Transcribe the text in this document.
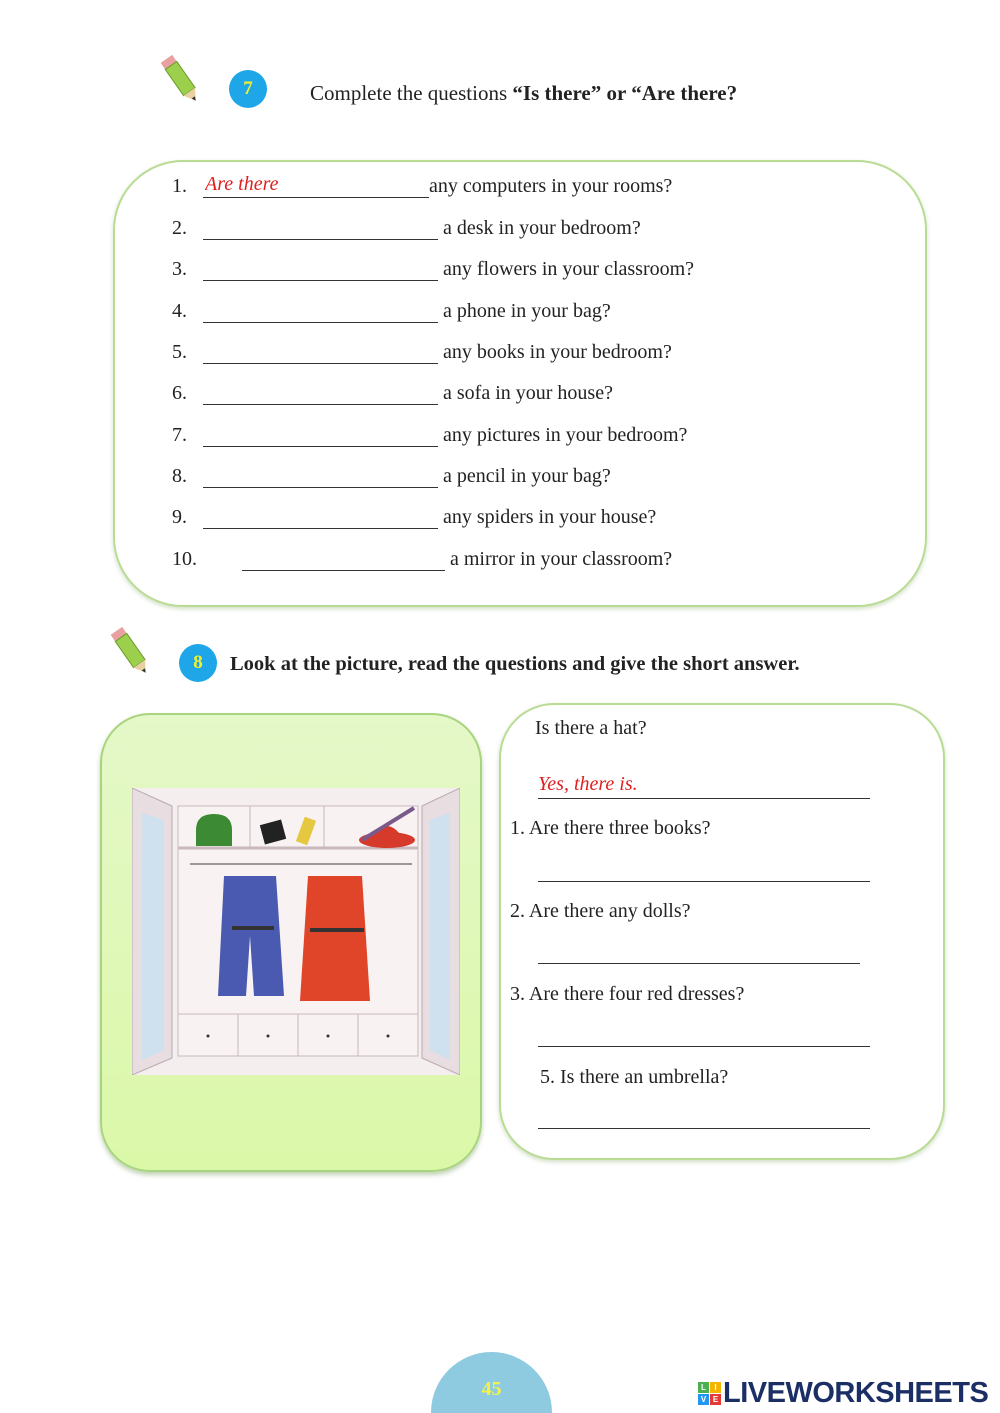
7	Complete the questions “Is there” or “Are there?
1.
Are there	any computers in your rooms?
2.	a desk in your bedroom?
3.	any flowers in your classroom?
4.	a phone in your bag?
5.	any books in your bedroom?
6.	a sofa in your house?
7.	any pictures in your bedroom?
8.	a pencil in your bag?
9.	any spiders in your house?
10.	a mirror in your classroom?
8	Look at the picture, read the questions and give the short answer.
Is there a hat?
Yes, there is.
1. Are there three books?
2. Are there any dolls?
3. Are there four red dresses?
5. Is there an umbrella?
45	L	I
V E LIVEWORKSHEETS
